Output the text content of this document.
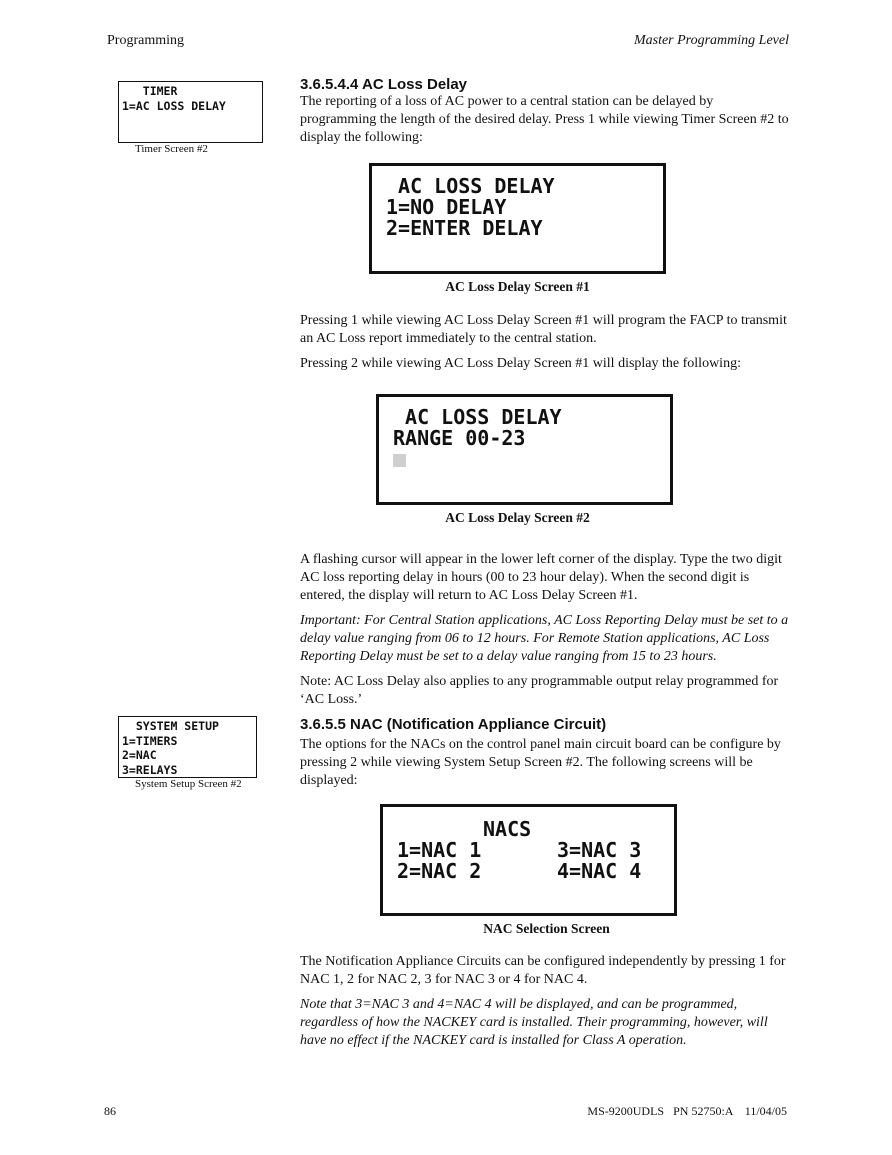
Programming	Master Programming Level
TIMER
1=AC LOSS DELAY
Timer Screen #2
3.6.5.4.4 AC Loss Delay

The reporting of a loss of AC power to a central station can be delayed by programming the length of the desired delay. Press 1 while viewing Timer Screen #2 to display the following:

AC LOSS DELAY
1=NO DELAY
2=ENTER DELAY
AC Loss Delay Screen #1

Pressing 1 while viewing AC Loss Delay Screen #1 will program the FACP to transmit an AC Loss report immediately to the central station.

Pressing 2 while viewing AC Loss Delay Screen #1 will display the following:

AC LOSS DELAY
RANGE 00-23
AC Loss Delay Screen #2

A flashing cursor will appear in the lower left corner of the display. Type the two digit AC loss reporting delay in hours (00 to 23 hour delay). When the second digit is entered, the display will return to AC Loss Delay Screen #1.

Important: For Central Station applications, AC Loss Reporting Delay must be set to a delay value ranging from 06 to 12 hours. For Remote Station applications, AC Loss Reporting Delay must be set to a delay value ranging from 15 to 23 hours.

Note: AC Loss Delay also applies to any programmable output relay programmed for ‘AC Loss.’

SYSTEM SETUP
1=TIMERS
2=NAC
3=RELAYS
System Setup Screen #2
3.6.5.5 NAC (Notification Appliance Circuit)

The options for the NACs on the control panel main circuit board can be configure by pressing 2 while viewing System Setup Screen #2. The following screens will be displayed:

NACS
1=NAC 1	3=NAC 3
2=NAC 2	4=NAC 4
NAC Selection Screen

The Notification Appliance Circuits can be configured independently by pressing 1 for NAC 1, 2 for NAC 2, 3 for NAC 3 or 4 for NAC 4.

Note that 3=NAC 3 and 4=NAC 4 will be displayed, and can be programmed, regardless of how the NACKEY card is installed. Their programming, however, will have no effect if the NACKEY card is installed for Class A operation.

86	MS-9200UDLS   PN 52750:A    11/04/05
